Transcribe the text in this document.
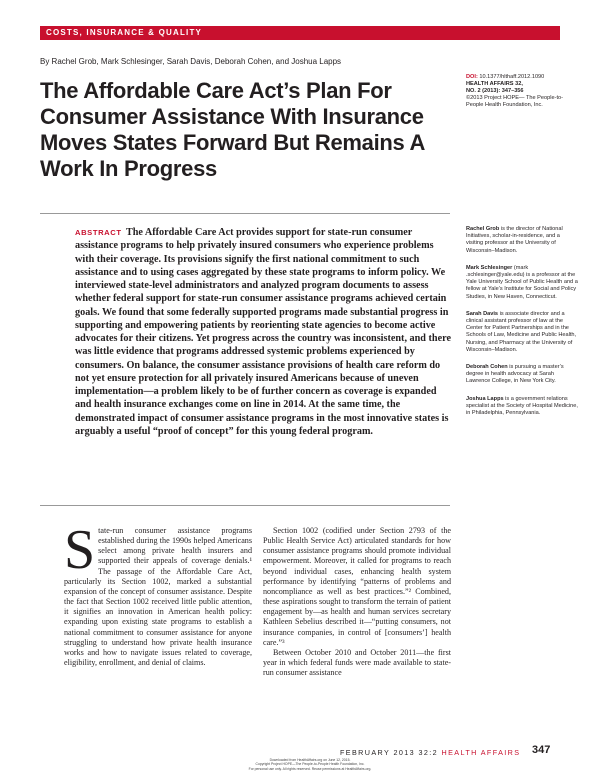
COSTS, INSURANCE & QUALITY
By Rachel Grob, Mark Schlesinger, Sarah Davis, Deborah Cohen, and Joshua Lapps
The Affordable Care Act’s Plan For Consumer Assistance With Insurance Moves States Forward But Remains A Work In Progress
DOI: 10.1377/hlthaff.2012.1090
HEALTH AFFAIRS 32,
NO. 2 (2013): 347–356
©2013 Project HOPE— The People-to-People Health Foundation, Inc.
ABSTRACT The Affordable Care Act provides support for state-run consumer assistance programs to help privately insured consumers who experience problems with their coverage. Its provisions signify the first national commitment to such assistance and to using cases aggregated by these state programs to inform policy. We interviewed state-level administrators and analyzed program documents to assess whether federal support for state-run consumer assistance programs achieved certain goals. We found that some federally supported programs made substantial progress in supporting and empowering patients by reorienting state agencies to become active advocates for their citizens. Yet progress across the country was inconsistent, and there was little evidence that programs addressed systemic problems experienced by consumers. On balance, the consumer assistance provisions of health care reform do not yet ensure protection for all privately insured Americans because of uneven implementation—a problem likely to be of further concern as coverage is expanded and health insurance exchanges come on line in 2014. At the same time, the demonstrated impact of consumer assistance programs in the most innovative states is arguably a useful “proof of concept” for this young federal program.
Rachel Grob is the director of National Initiatives, scholar-in-residence, and a visiting professor at the University of Wisconsin–Madison.
Mark Schlesinger (mark .schlesinger@yale.edu) is a professor at the Yale University School of Public Health and a fellow at Yale’s Institute for Social and Policy Studies, in New Haven, Connecticut.
Sarah Davis is associate director and a clinical assistant professor of law at the Center for Patient Partnerships and in the Schools of Law, Medicine and Public Health, Nursing, and Pharmacy at the University of Wisconsin–Madison.
Deborah Cohen is pursuing a master’s degree in health advocacy at Sarah Lawrence College, in New York City.
Joshua Lapps is a government relations specialist at the Society of Hospital Medicine, in Philadelphia, Pennsylvania.
State-run consumer assistance programs established during the 1990s helped Americans select among private health insurers and supported their appeals of coverage denials.¹ The passage of the Affordable Care Act, particularly its Section 1002, marked a substantial expansion of the concept of consumer assistance. Despite the fact that Section 1002 received little public attention, it signifies an innovation in American health policy: expanding upon existing state programs to establish a national commitment to consumer assistance for anyone struggling to understand how private health insurance works and how to navigate issues related to coverage, eligibility, enrollment, and denial of claims.

Section 1002 (codified under Section 2793 of the Public Health Service Act) articulated standards for how consumer assistance programs should promote individual empowerment. Moreover, it called for programs to reach beyond individual cases, enhancing health system performance by identifying “patterns of problems and noncompliance as well as best practices.”² Combined, these aspirations sought to transform the terrain of patient engagement by—as health and human services secretary Kathleen Sebelius described it—“putting consumers, not insurance companies, in control of [consumers’] health care.”³

Between October 2010 and October 2011—the first year in which federal funds were made available to state-run consumer assistance

FEBRUARY 2013 32:2 HEALTH AFFAIRS	347
Downloaded from HealthAffairs.org on June 12, 2015.
Copyright Project HOPE—The People-to-People Health Foundation, Inc.
For personal use only. All rights reserved. Reuse permissions at HealthAffairs.org.
